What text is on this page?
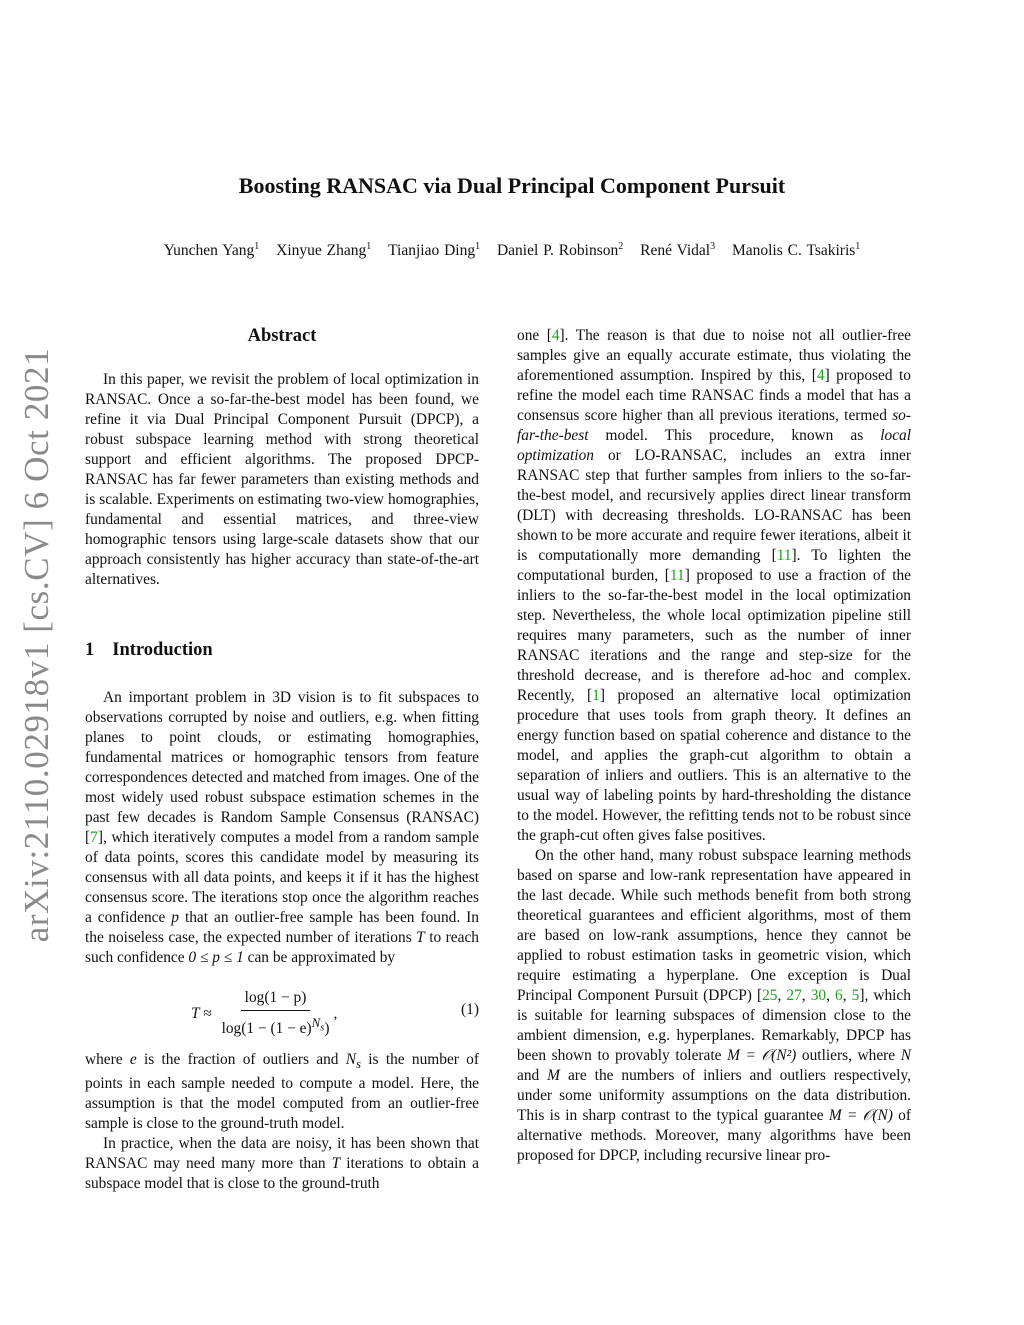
arXiv:2110.02918v1 [cs.CV] 6 Oct 2021
Boosting RANSAC via Dual Principal Component Pursuit
Yunchen Yang$^1$ Xinyue Zhang$^1$ Tianjiao Ding$^1$ Daniel P. Robinson$^2$ René Vidal$^3$ Manolis C. Tsakiris$^1$
Abstract

In this paper, we revisit the problem of local optimization in RANSAC. Once a so-far-the-best model has been found, we refine it via Dual Principal Component Pursuit (DPCP), a robust subspace learning method with strong theoretical support and efficient algorithms. The proposed DPCP-RANSAC has far fewer parameters than existing methods and is scalable. Experiments on estimating two-view homographies, fundamental and essential matrices, and three-view homographic tensors using large-scale datasets show that our approach consistently has higher accuracy than state-of-the-art alternatives.

1 Introduction

An important problem in 3D vision is to fit subspaces to observations corrupted by noise and outliers, e.g. when fitting planes to point clouds, or estimating homographies, fundamental matrices or homographic tensors from feature correspondences detected and matched from images. One of the most widely used robust subspace estimation schemes in the past few decades is Random Sample Consensus (RANSAC) [7], which iteratively computes a model from a random sample of data points, scores this candidate model by measuring its consensus with all data points, and keeps it if it has the highest consensus score. The iterations stop once the algorithm reaches a confidence p that an outlier-free sample has been found. In the noiseless case, the expected number of iterations T to reach such confidence 0 ≤ p ≤ 1 can be approximated by

$T \approx \frac{\log(1 - p)}{\log(1 - (1 - e)^{N_s})}$ ,	(1)

where e is the fraction of outliers and $N_s$ is the number of points in each sample needed to compute a model. Here, the assumption is that the model computed from an outlier-free sample is close to the ground-truth model.

In practice, when the data are noisy, it has been shown that RANSAC may need many more than T iterations to obtain a subspace model that is close to the ground-truth

one [4]. The reason is that due to noise not all outlier-free samples give an equally accurate estimate, thus violating the aforementioned assumption. Inspired by this, [4] proposed to refine the model each time RANSAC finds a model that has a consensus score higher than all previous iterations, termed so-far-the-best model. This procedure, known as local optimization or LO-RANSAC, includes an extra inner RANSAC step that further samples from inliers to the so-far-the-best model, and recursively applies direct linear transform (DLT) with decreasing thresholds. LO-RANSAC has been shown to be more accurate and require fewer iterations, albeit it is computationally more demanding [11]. To lighten the computational burden, [11] proposed to use a fraction of the inliers to the so-far-the-best model in the local optimization step. Nevertheless, the whole local optimization pipeline still requires many parameters, such as the number of inner RANSAC iterations and the range and step-size for the threshold decrease, and is therefore ad-hoc and complex. Recently, [1] proposed an alternative local optimization procedure that uses tools from graph theory. It defines an energy function based on spatial coherence and distance to the model, and applies the graph-cut algorithm to obtain a separation of inliers and outliers. This is an alternative to the usual way of labeling points by hard-thresholding the distance to the model. However, the refitting tends not to be robust since the graph-cut often gives false positives.

On the other hand, many robust subspace learning methods based on sparse and low-rank representation have appeared in the last decade. While such methods benefit from both strong theoretical guarantees and efficient algorithms, most of them are based on low-rank assumptions, hence they cannot be applied to robust estimation tasks in geometric vision, which require estimating a hyperplane. One exception is Dual Principal Component Pursuit (DPCP) [25, 27, 30, 6, 5], which is suitable for learning subspaces of dimension close to the ambient dimension, e.g. hyperplanes. Remarkably, DPCP has been shown to provably tolerate M = 𝒪(N²) outliers, where N and M are the numbers of inliers and outliers respectively, under some uniformity assumptions on the data distribution. This is in sharp contrast to the typical guarantee M = 𝒪(N) of alternative methods. Moreover, many algorithms have been proposed for DPCP, including recursive linear pro-
